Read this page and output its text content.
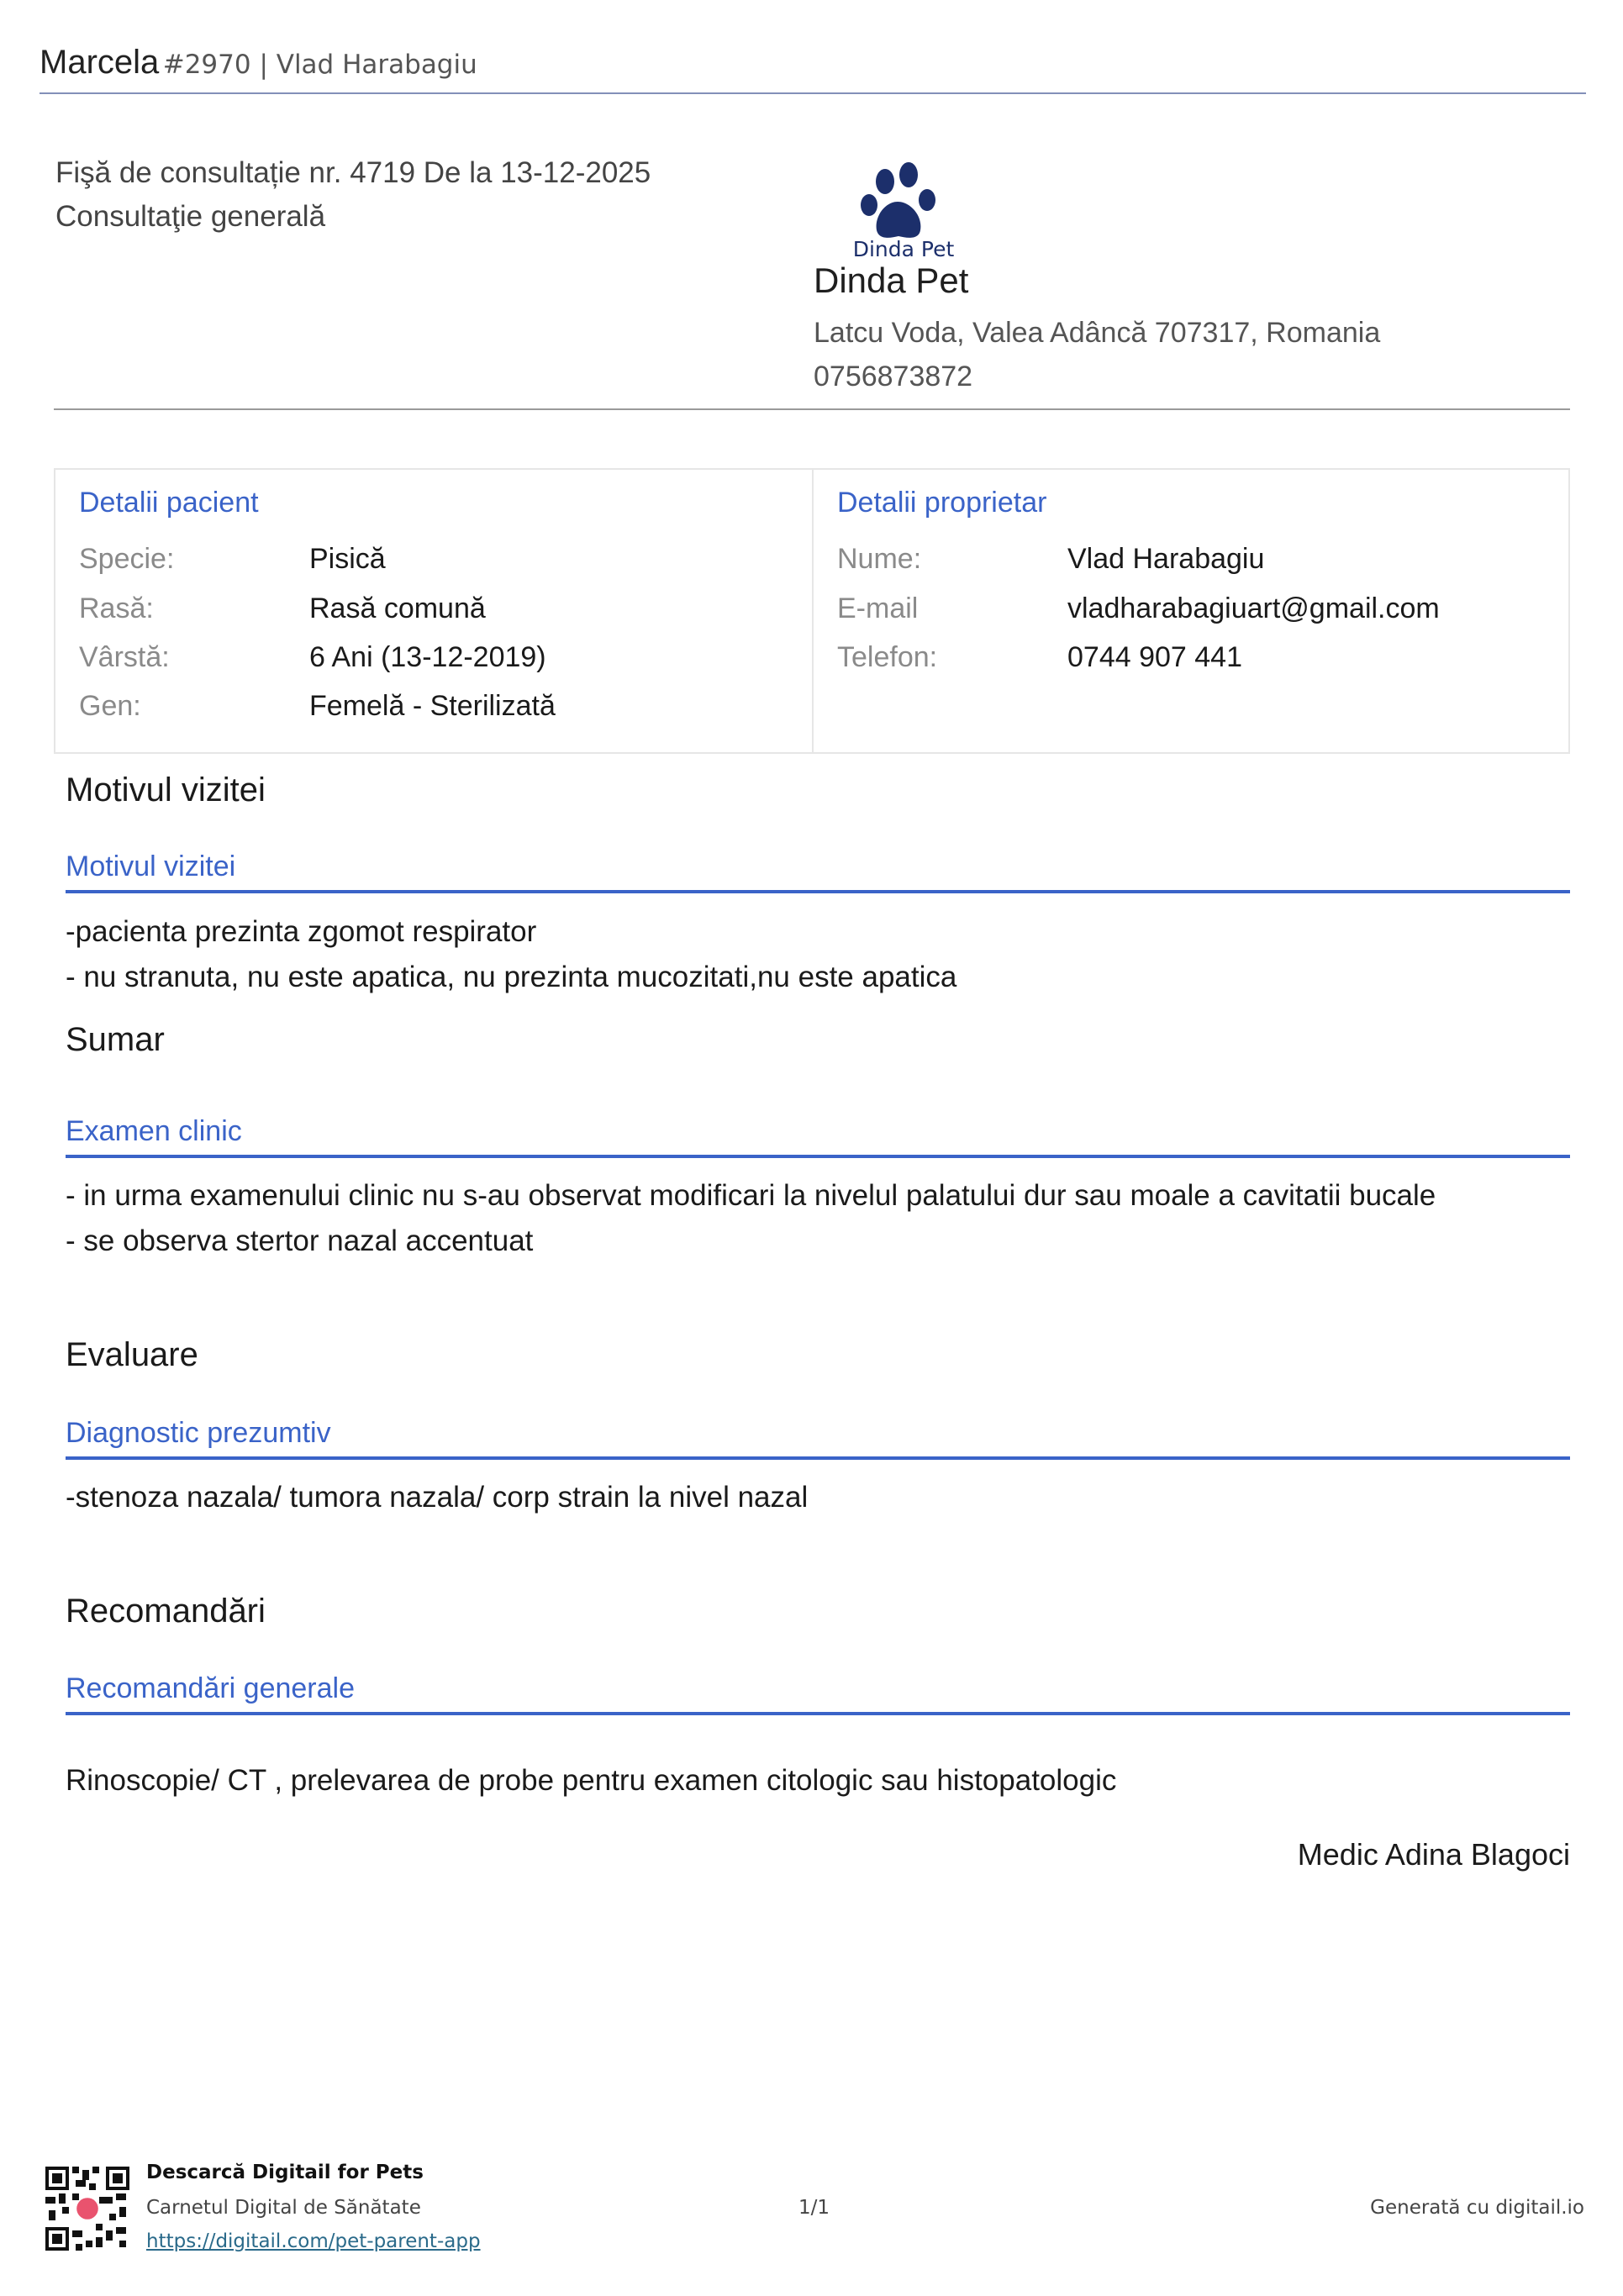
Marcela #2970 | Vlad Harabagiu
Fişă de consultație nr. 4719 De la 13-12-2025
Consultaţie generală
Dinda Pet
Dinda Pet
Latcu Voda, Valea Adâncă 707317, Romania
0756873872
Detalii pacient
Specie:	Pisică
Rasă:	Rasă comună
Vârstă:	6 Ani (13-12-2019)
Gen:	Femelă - Sterilizată
Detalii proprietar
Nume:	Vlad Harabagiu
E-mail	vladharabagiuart@gmail.com
Telefon:	0744 907 441
Motivul vizitei
Motivul vizitei
-pacienta prezinta zgomot respirator
- nu stranuta, nu este apatica, nu prezinta mucozitati,nu este apatica
Sumar
Examen clinic
- in urma examenului clinic nu s-au observat modificari la nivelul palatului dur sau moale a cavitatii bucale
- se observa stertor nazal accentuat
Evaluare
Diagnostic prezumtiv
-stenoza nazala/ tumora nazala/ corp strain la nivel nazal
Recomandări
Recomandări generale
Rinoscopie/ CT , prelevarea de probe pentru examen citologic sau histopatologic
Medic Adina Blagoci
Descarcă Digitail for Pets
Carnetul Digital de Sănătate
https://digitail.com/pet-parent-app
1/1	Generată cu digitail.io
